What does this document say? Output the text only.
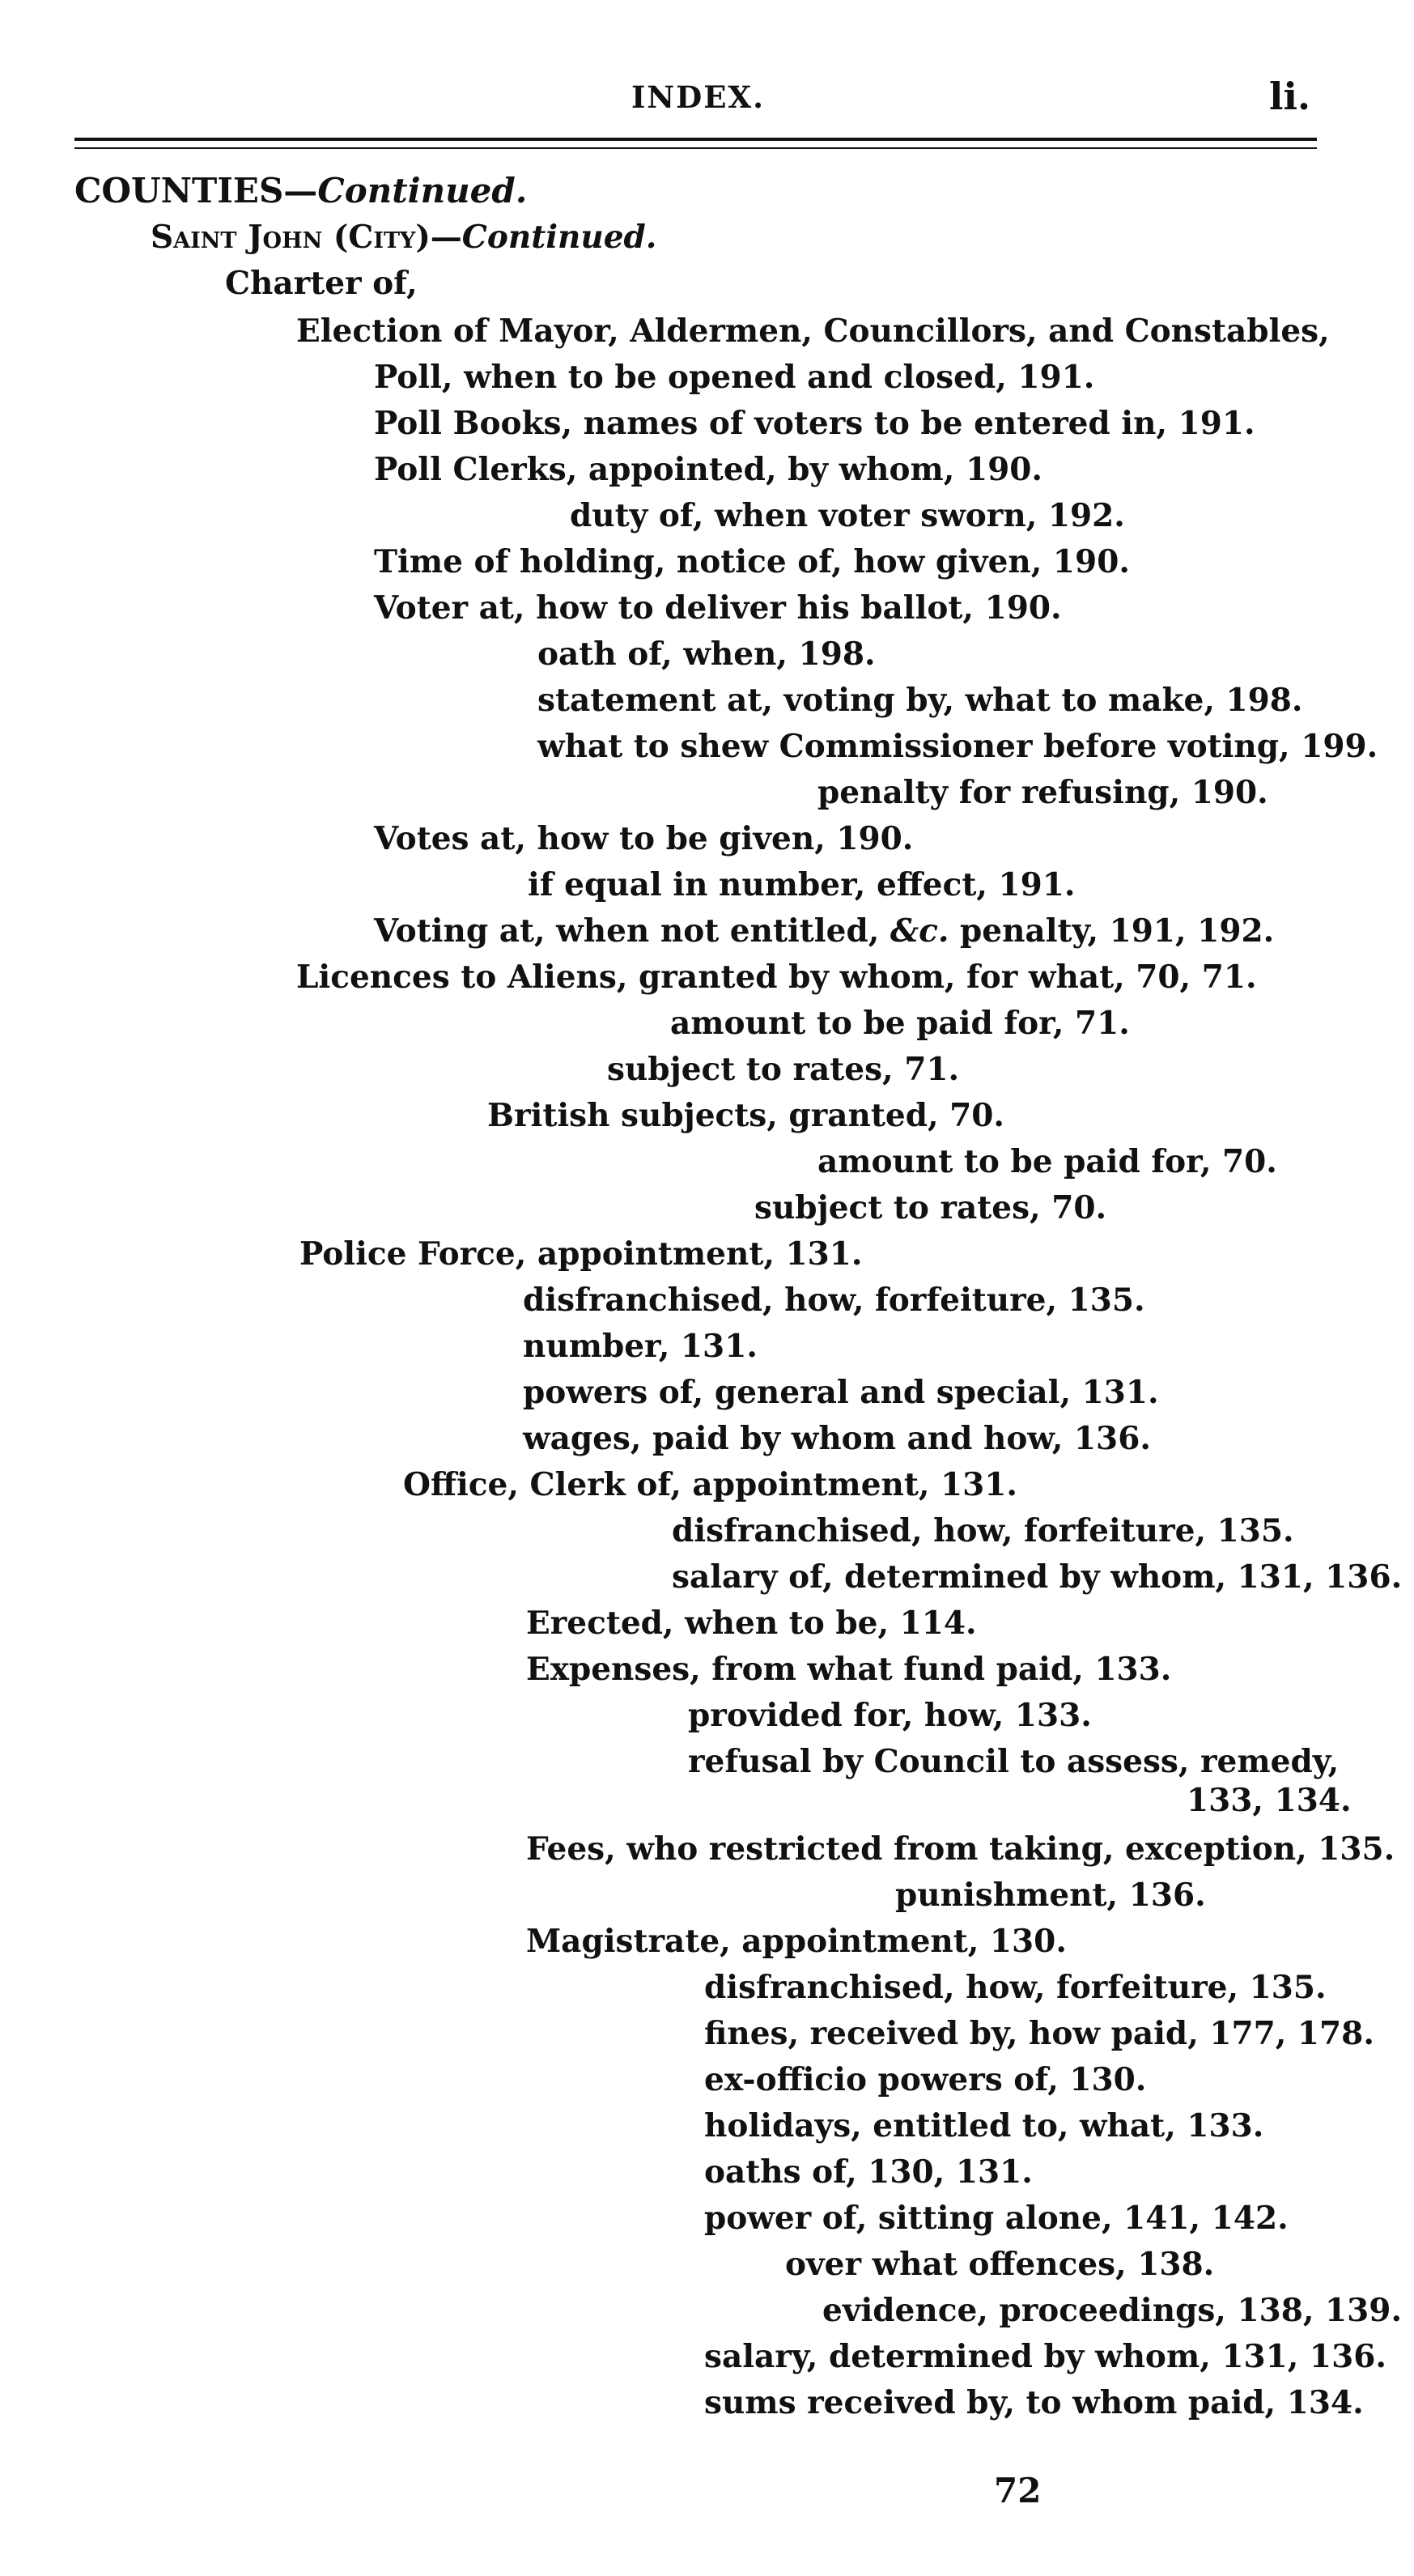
INDEX.	li.
COUNTIES—Continued.
Saint John (City)—Continued.
Charter of,
Election of Mayor, Aldermen, Councillors, and Constables,
Poll, when to be opened and closed, 191.
Poll Books, names of voters to be entered in, 191.
Poll Clerks, appointed, by whom, 190.
duty of, when voter sworn, 192.
Time of holding, notice of, how given, 190.
Voter at, how to deliver his ballot, 190.
oath of, when, 198.
statement at, voting by, what to make, 198.
what to shew Commissioner before voting, 199.
penalty for refusing, 190.
Votes at, how to be given, 190.
if equal in number, effect, 191.
Voting at, when not entitled, &c. penalty, 191, 192.
Licences to Aliens, granted by whom, for what, 70, 71.
amount to be paid for, 71.
subject to rates, 71.
British subjects, granted, 70.
amount to be paid for, 70.
subject to rates, 70.
Police Force, appointment, 131.
disfranchised, how, forfeiture, 135.
number, 131.
powers of, general and special, 131.
wages, paid by whom and how, 136.
Office, Clerk of, appointment, 131.
disfranchised, how, forfeiture, 135.
salary of, determined by whom, 131, 136.
Erected, when to be, 114.
Expenses, from what fund paid, 133.
provided for, how, 133.
refusal by Council to assess, remedy,
133, 134.
Fees, who restricted from taking, exception, 135.
punishment, 136.
Magistrate, appointment, 130.
disfranchised, how, forfeiture, 135.
fines, received by, how paid, 177, 178.
ex-officio powers of, 130.
holidays, entitled to, what, 133.
oaths of, 130, 131.
power of, sitting alone, 141, 142.
over what offences, 138.
evidence, proceedings, 138, 139.
salary, determined by whom, 131, 136.
sums received by, to whom paid, 134.
72
